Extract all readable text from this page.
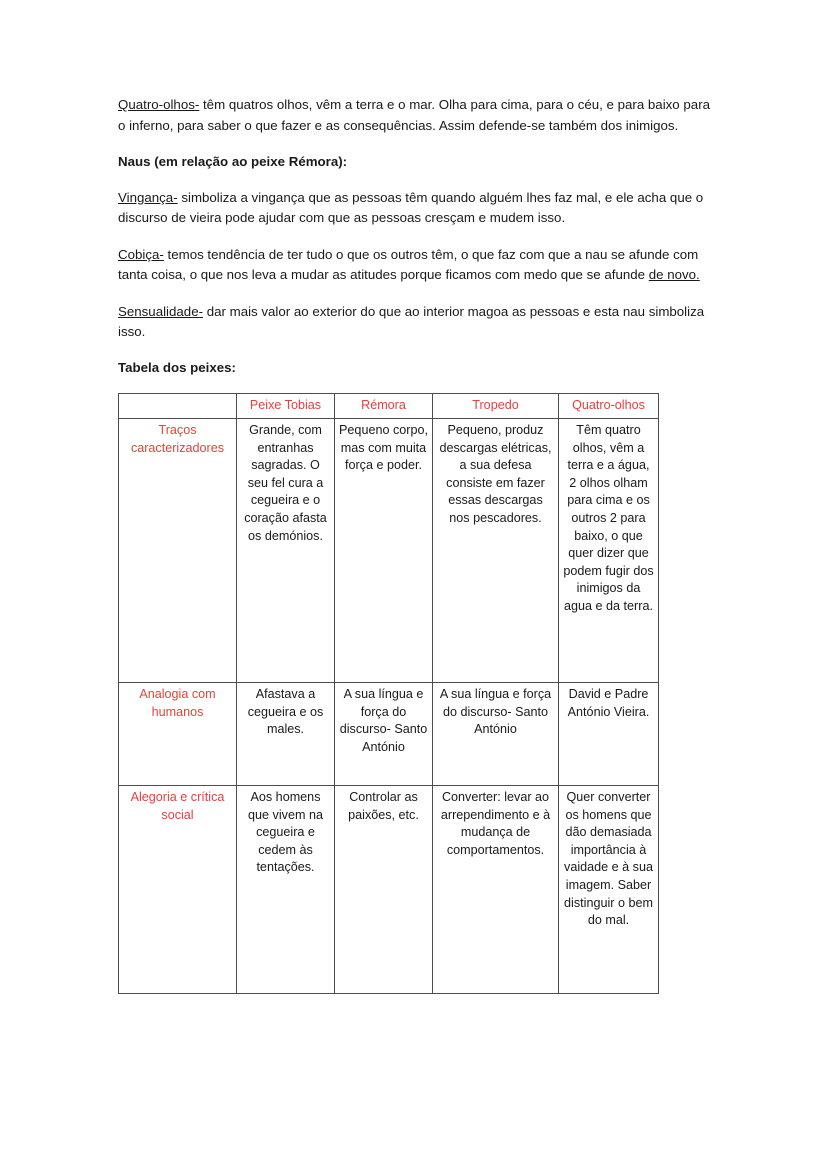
Quatro-olhos- têm quatros olhos, vêm a terra e o mar. Olha para cima, para o céu, e para baixo para o inferno, para saber o que fazer e as consequências. Assim defende-se também dos inimigos.

Naus (em relação ao peixe Rémora):

Vingança- simboliza a vingança que as pessoas têm quando alguém lhes faz mal, e ele acha que o discurso de vieira pode ajudar com que as pessoas cresçam e mudem isso.

Cobiça- temos tendência de ter tudo o que os outros têm, o que faz com que a nau se afunde com tanta coisa, o que nos leva a mudar as atitudes porque ficamos com medo que se afunde de novo.

Sensualidade- dar mais valor ao exterior do que ao interior magoa as pessoas e esta nau simboliza isso.

Tabela dos peixes:

	Peixe Tobias	Rémora	Tropedo	Quatro-olhos
Traços caracterizadores	Grande, com entranhas sagradas. O seu fel cura a cegueira e o coração afasta os demónios.	Pequeno corpo, mas com muita força e poder.	Pequeno, produz descargas elétricas, a sua defesa consiste em fazer essas descargas nos pescadores.	Têm quatro olhos, vêm a terra e a água, 2 olhos olham para cima e os outros 2 para baixo, o que quer dizer que podem fugir dos inimigos da agua e da terra.
Analogia com humanos	Afastava a cegueira e os males.	A sua língua e força do discurso- Santo António	A sua língua e força do discurso- Santo António	David e Padre António Vieira.
Alegoria e crítica social	Aos homens que vivem na cegueira e cedem às tentações.	Controlar as paixões, etc.	Converter: levar ao arrependimento e à mudança de comportamentos.	Quer converter os homens que dão demasiada importância à vaidade e à sua imagem. Saber distinguir o bem do mal.
